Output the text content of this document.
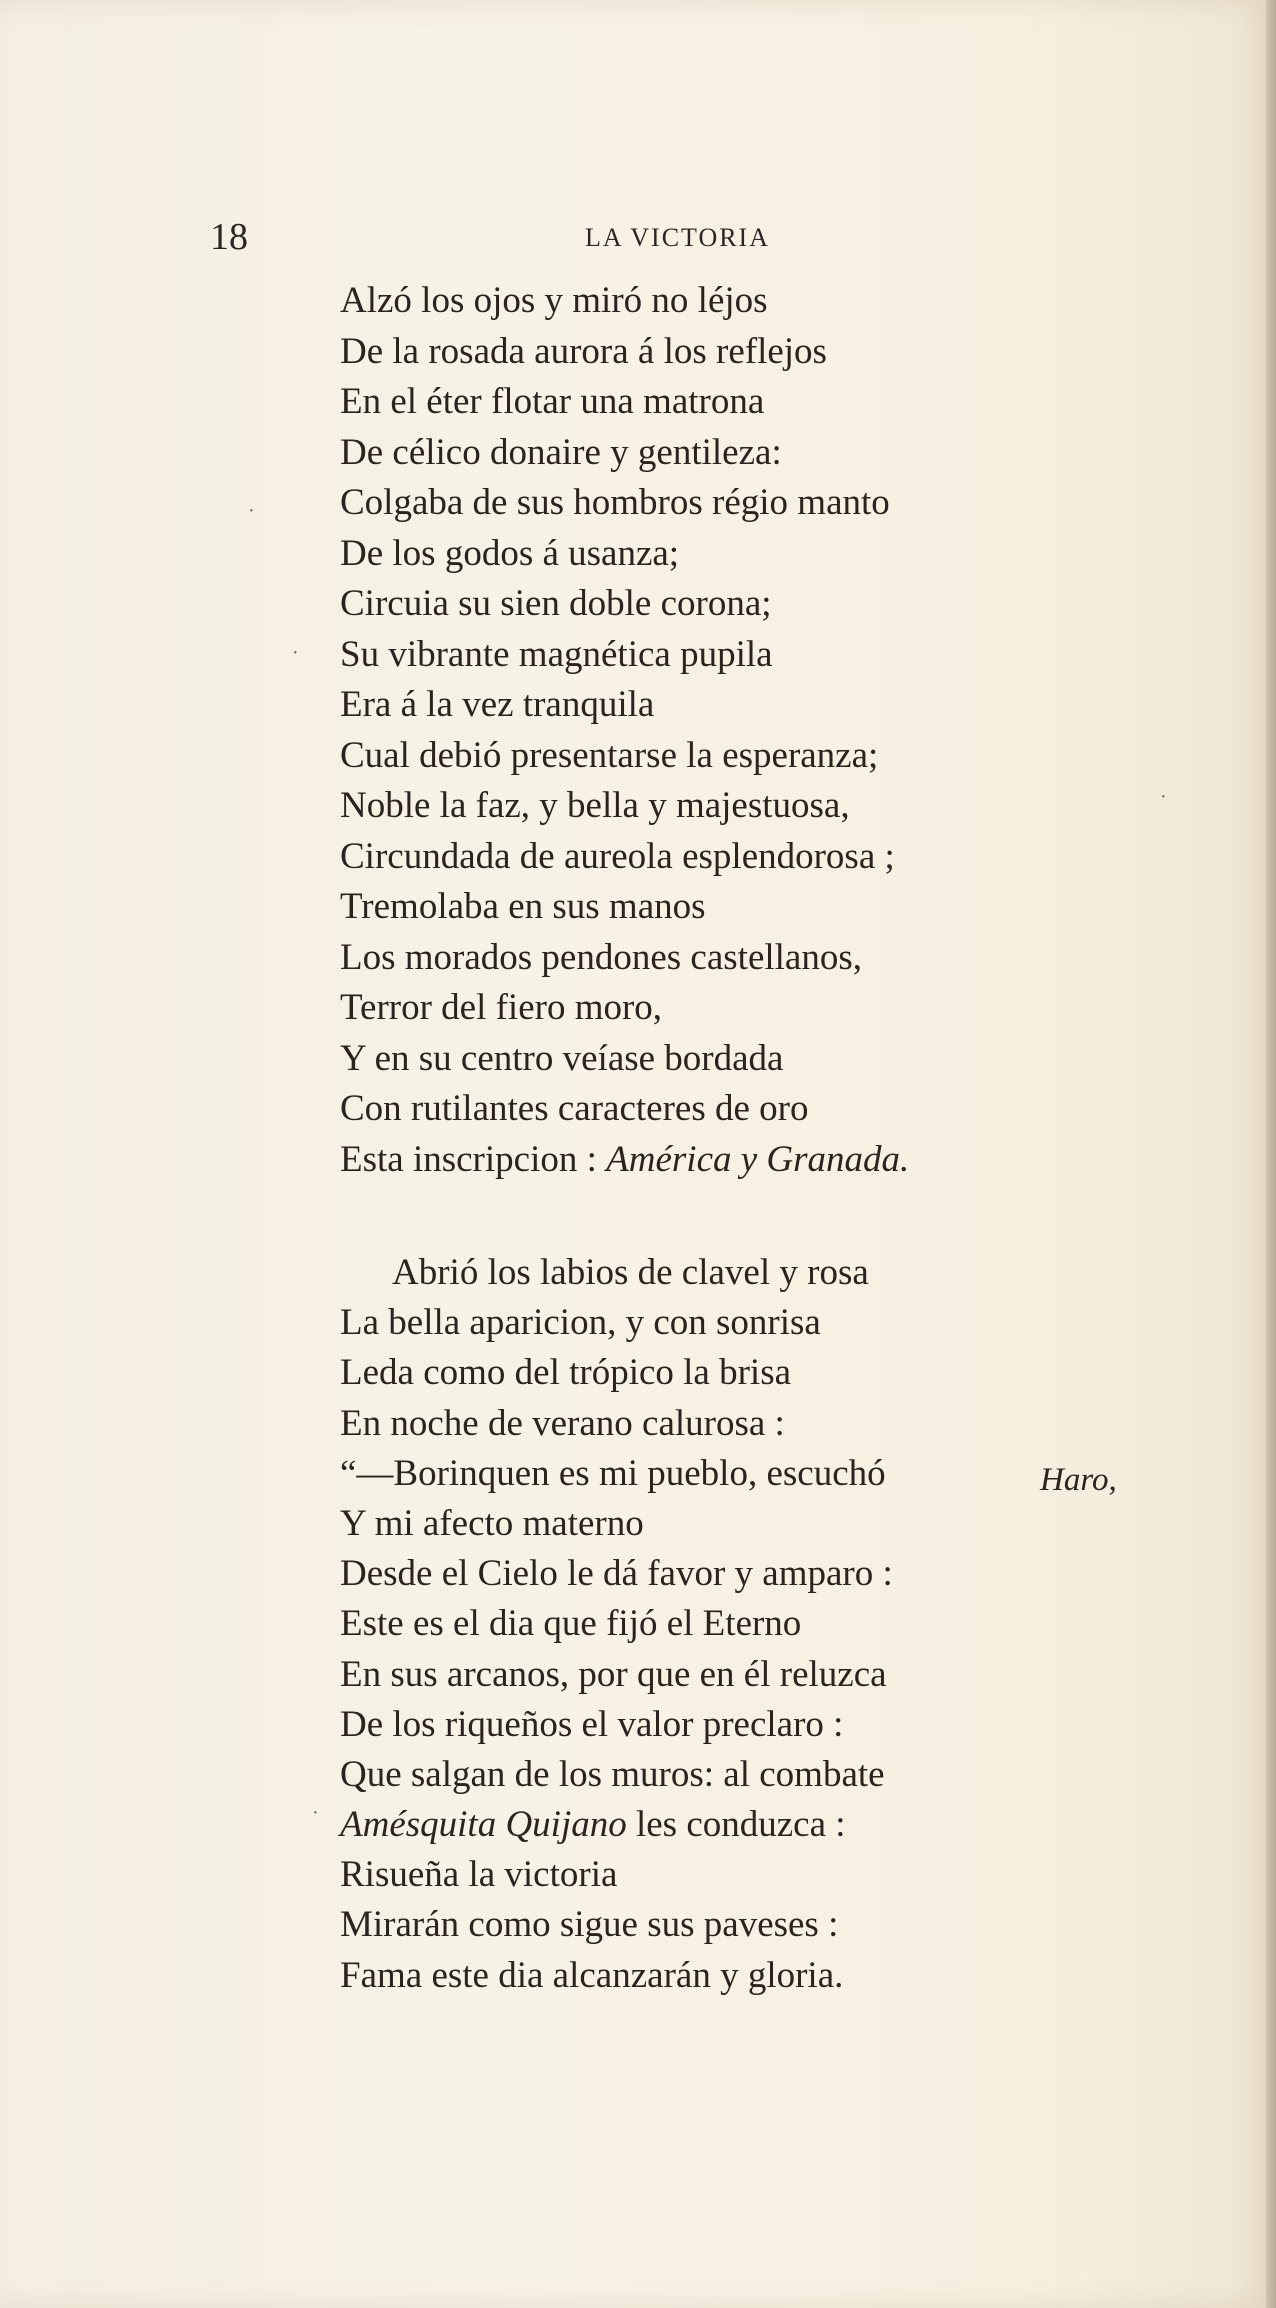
18	LA VICTORIA
Alzó los ojos y miró no léjos
De la rosada aurora á los reflejos
En el éter flotar una matrona
De célico donaire y gentileza:
Colgaba de sus hombros régio manto
De los godos á usanza;
Circuia su sien doble corona;
Su vibrante magnética pupila
Era á la vez tranquila
Cual debió presentarse la esperanza;
Noble la faz, y bella y majestuosa,
Circundada de aureola esplendorosa ;
Tremolaba en sus manos
Los morados pendones castellanos,
Terror del fiero moro,
Y en su centro veíase bordada
Con rutilantes caracteres de oro
Esta inscripcion : América y Granada.
Abrió los labios de clavel y rosa
La bella aparicion, y con sonrisa
Leda como del trópico la brisa
En noche de verano calurosa :
“—Borinquen es mi pueblo, escuchó
Y mi afecto materno
Desde el Cielo le dá favor y amparo :
Este es el dia que fijó el Eterno
En sus arcanos, por que en él reluzca
De los riqueños el valor preclaro :
Que salgan de los muros: al combate
Amésquita Quijano les conduzca :
Risueña la victoria
Mirarán como sigue sus paveses :
Fama este dia alcanzarán y gloria.
Haro,
·
·
·
·
